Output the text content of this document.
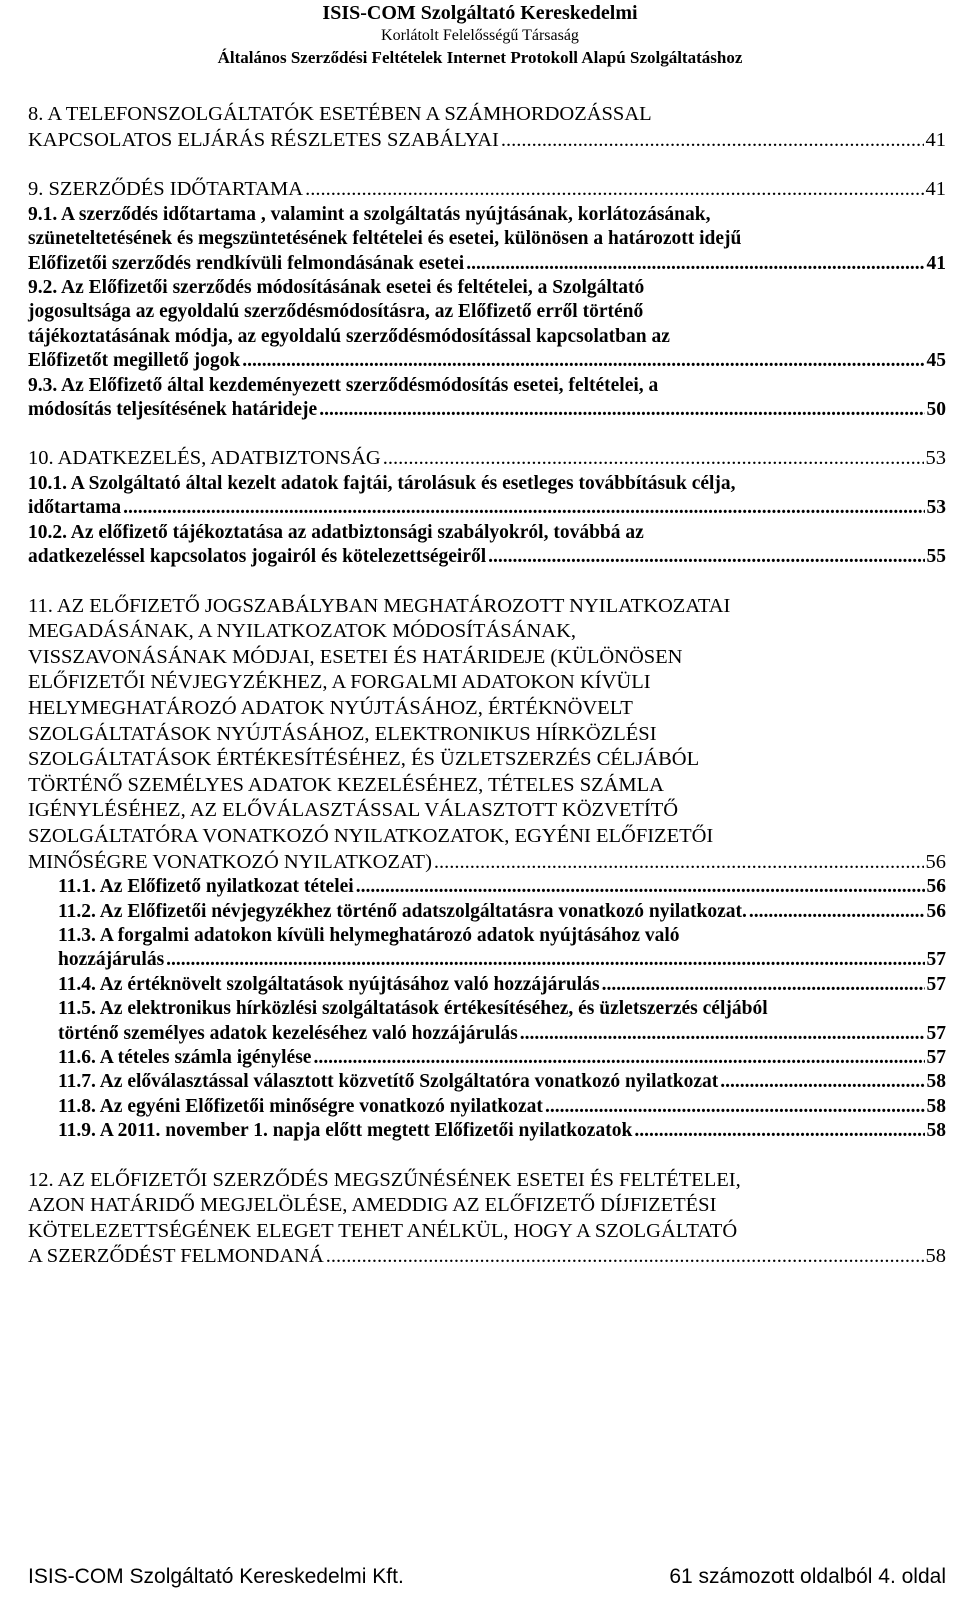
ISIS-COM Szolgáltató Kereskedelmi
Korlátolt Felelősségű Társaság
Általános Szerződési Feltételek Internet Protokoll Alapú Szolgáltatáshoz
8. A TELEFONSZOLGÁLTATÓK ESETÉBEN A SZÁMHORDOZÁSSAL
KAPCSOLATOS ELJÁRÁS RÉSZLETES SZABÁLYAI .....	41
9. SZERZŐDÉS IDŐTARTAMA .....	41
9.1. A szerződés időtartama , valamint a szolgáltatás nyújtásának, korlátozásának,
szüneteltetésének és megszüntetésének feltételei és esetei, különösen a határozott idejű
Előfizetői szerződés rendkívüli felmondásának esetei .....	41
9.2. Az Előfizetői szerződés módosításának esetei és feltételei, a Szolgáltató
jogosultsága az egyoldalú szerződésmódosításra, az Előfizető erről történő
tájékoztatásának módja, az egyoldalú szerződésmódosítással kapcsolatban az
Előfizetőt megillető jogok .....	45
9.3. Az Előfizető által kezdeményezett szerződésmódosítás esetei, feltételei, a
módosítás teljesítésének határideje .....	50
10. ADATKEZELÉS, ADATBIZTONSÁG .....	53
10.1. A Szolgáltató által kezelt adatok fajtái, tárolásuk és esetleges továbbításuk célja,
időtartama .....	53
10.2. Az előfizető tájékoztatása az adatbiztonsági szabályokról, továbbá az
adatkezeléssel kapcsolatos jogairól és kötelezettségeiről .....	55
11. AZ ELŐFIZETŐ JOGSZABÁLYBAN MEGHATÁROZOTT NYILATKOZATAI
MEGADÁSÁNAK, A NYILATKOZATOK MÓDOSÍTÁSÁNAK,
VISSZAVONÁSÁNAK MÓDJAI, ESETEI ÉS HATÁRIDEJE (KÜLÖNÖSEN
ELŐFIZETŐI NÉVJEGYZÉKHEZ, A FORGALMI ADATOKON KÍVÜLI
HELYMEGHATÁROZÓ ADATOK NYÚJTÁSÁHOZ, ÉRTÉKNÖVELT
SZOLGÁLTATÁSOK NYÚJTÁSÁHOZ, ELEKTRONIKUS HÍRKÖZLÉSI
SZOLGÁLTATÁSOK ÉRTÉKESÍTÉSÉHEZ, ÉS ÜZLETSZERZÉS CÉLJÁBÓL
TÖRTÉNŐ SZEMÉLYES ADATOK KEZELÉSÉHEZ, TÉTELES SZÁMLA
IGÉNYLÉSÉHEZ, AZ ELŐVÁLASZTÁSSAL VÁLASZTOTT KÖZVETÍTŐ
SZOLGÁLTATÓRA VONATKOZÓ NYILATKOZATOK, EGYÉNI ELŐFIZETŐI
MINŐSÉGRE VONATKOZÓ NYILATKOZAT) .....	56
11.1. Az Előfizető nyilatkozat tételei .....	56
11.2. Az Előfizetői névjegyzékhez történő adatszolgáltatásra vonatkozó nyilatkozat. .....	56
11.3. A forgalmi adatokon kívüli helymeghatározó adatok nyújtásához való
hozzájárulás .....	57
11.4. Az értéknövelt szolgáltatások nyújtásához való hozzájárulás .....	57
11.5. Az elektronikus hírközlési szolgáltatások értékesítéséhez, és üzletszerzés céljából
történő személyes adatok kezeléséhez való hozzájárulás .....	57
11.6. A tételes számla igénylése .....	57
11.7. Az előválasztással választott közvetítő Szolgáltatóra vonatkozó nyilatkozat .....	58
11.8. Az egyéni Előfizetői minőségre vonatkozó nyilatkozat .....	58
11.9. A 2011. november 1. napja előtt megtett Előfizetői nyilatkozatok .....	58
12. AZ ELŐFIZETŐI SZERZŐDÉS MEGSZŰNÉSÉNEK ESETEI ÉS FELTÉTELEI,
AZON HATÁRIDŐ MEGJELÖLÉSE, AMEDDIG AZ ELŐFIZETŐ DÍJFIZETÉSI
KÖTELEZETTSÉGÉNEK ELEGET TEHET ANÉLKÜL, HOGY A SZOLGÁLTATÓ
A SZERZŐDÉST FELMONDANÁ .....	58
ISIS-COM Szolgáltató Kereskedelmi Kft.	61 számozott oldalból 4. oldal
